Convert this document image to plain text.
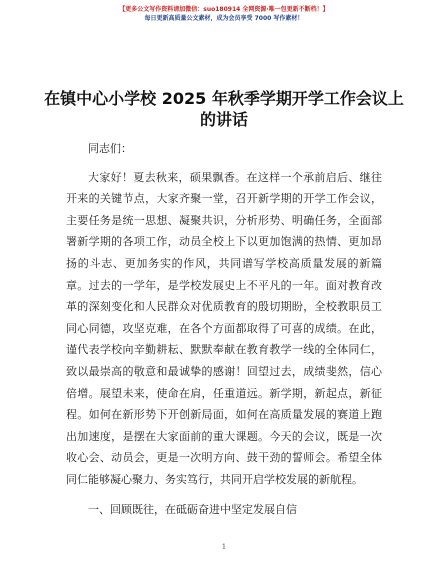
【更多公文写作资料请加微信：suo180914 全网资源·唯一包更新不断档！】
每日更新高质量公文素材，成为会员享受 7000 写作素材！
在镇中心小学校 2025 年秋季学期开学工作会议上的讲话

同志们：

大家好！夏去秋来，硕果飘香。在这样一个承前启后、继往开来的关键节点，大家齐聚一堂，召开新学期的开学工作会议，主要任务是统一思想、凝聚共识，分析形势、明确任务，全面部署新学期的各项工作，动员全校上下以更加饱满的热情、更加昂扬的斗志、更加务实的作风，共同谱写学校高质量发展的新篇章。过去的一学年，是学校发展史上不平凡的一年。面对教育改革的深刻变化和人民群众对优质教育的殷切期盼，全校教职员工同心同德，攻坚克难，在各个方面都取得了可喜的成绩。在此，谨代表学校向辛勤耕耘、默默奉献在教育教学一线的全体同仁，致以最崇高的敬意和最诚挚的感谢！回望过去，成绩斐然，信心倍增。展望未来，使命在肩，任重道远。新学期，新起点，新征程。如何在新形势下开创新局面，如何在高质量发展的赛道上跑出加速度，是摆在大家面前的重大课题。今天的会议，既是一次收心会、动员会，更是一次明方向、鼓干劲的誓师会。希望全体同仁能够凝心聚力、务实笃行，共同开启学校发展的新航程。

一、回顾既往，在砥砺奋进中坚定发展自信

1
